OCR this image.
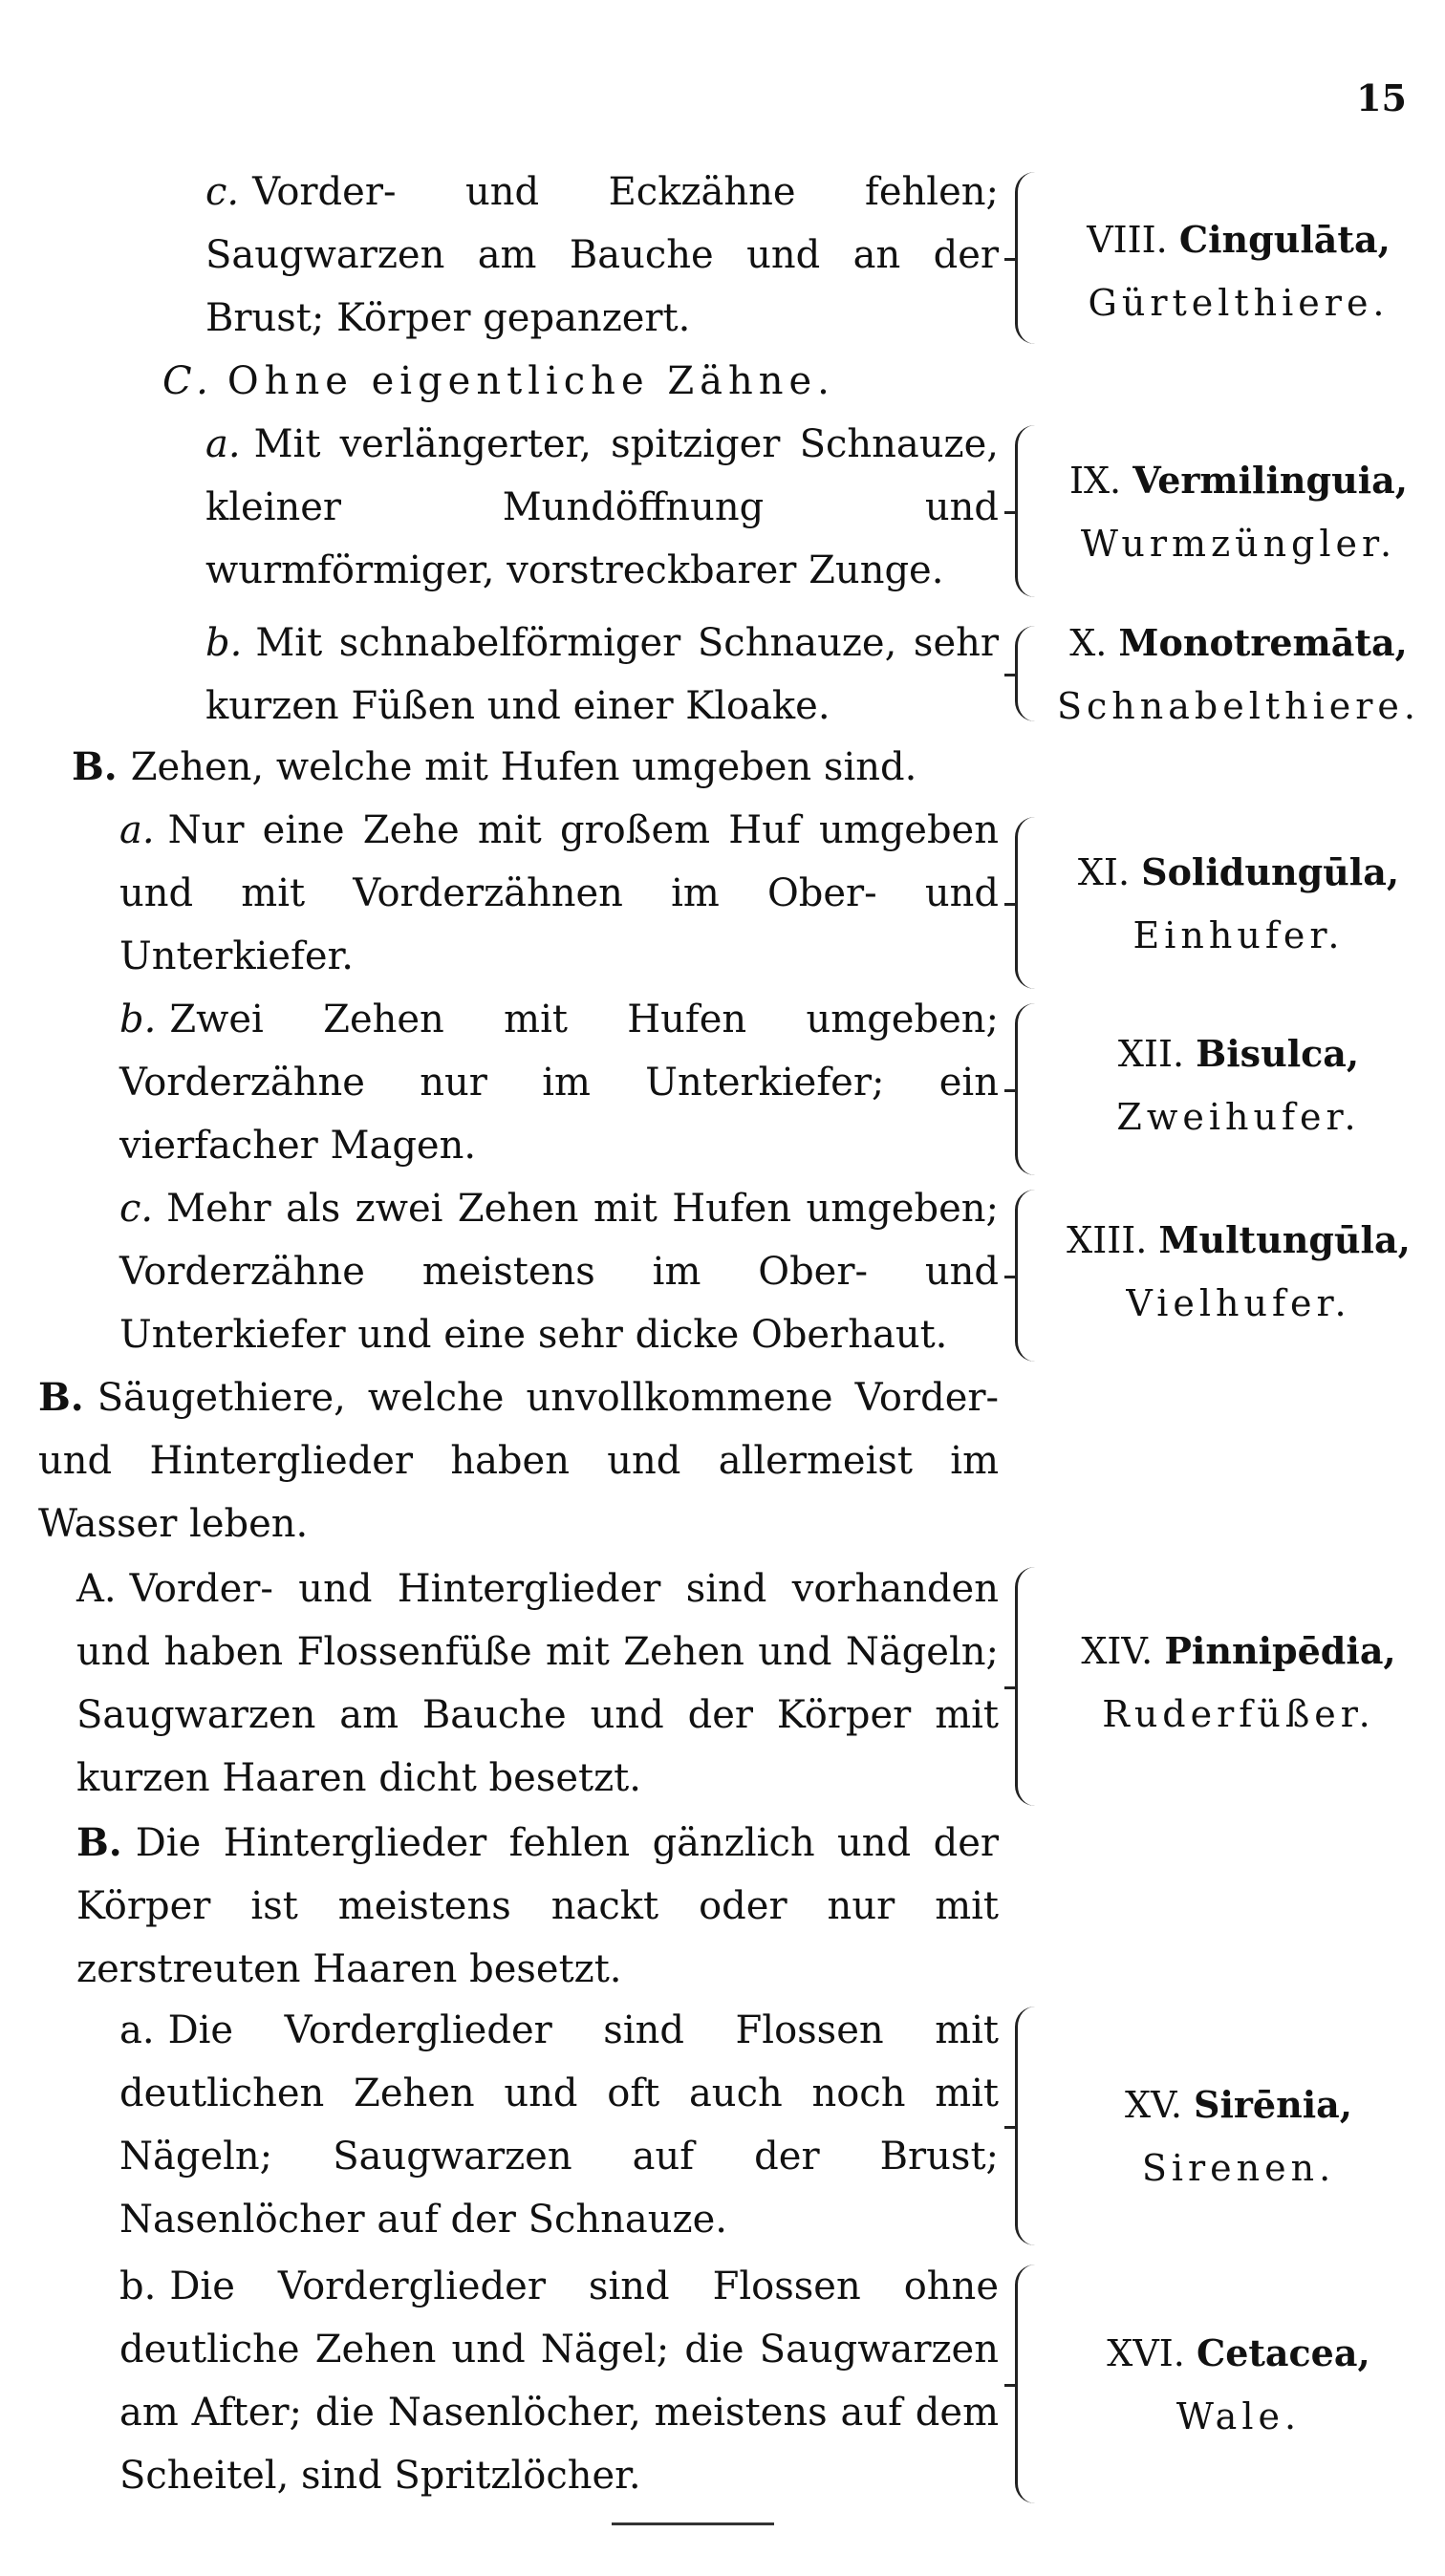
15
c. Vorder- und Eckzähne fehlen; Saugwarzen am Bauche und an der Brust; Körper gepanzert.
VIII. Cingulāta,
Gürtelthiere.
C. Ohne eigentliche Zähne.
a. Mit verlängerter, spitziger Schnauze, kleiner Mundöffnung und wurmförmiger, vorstreckbarer Zunge.
IX. Vermilinguia,
Wurmzüngler.
b. Mit schnabelförmiger Schnauze, sehr kurzen Füßen und einer Kloake.
X. Monotremāta,
Schnabelthiere.
B. Zehen, welche mit Hufen umgeben sind.
a. Nur eine Zehe mit großem Huf umgeben und mit Vorderzähnen im Ober- und Unterkiefer.
XI. Solidungūla,
Einhufer.
b. Zwei Zehen mit Hufen umgeben; Vorderzähne nur im Unterkiefer; ein vierfacher Magen.
XII. Bisulca,
Zweihufer.
c. Mehr als zwei Zehen mit Hufen umgeben; Vorderzähne meistens im Ober- und Unterkiefer und eine sehr dicke Oberhaut.
XIII. Multungūla,
Vielhufer.
B. Säugethiere, welche unvollkommene Vorder- und Hinterglieder haben und allermeist im Wasser leben.
A. Vorder- und Hinterglieder sind vorhanden und haben Flossenfüße mit Zehen und Nägeln; Saugwarzen am Bauche und der Körper mit kurzen Haaren dicht besetzt.
XIV. Pinnipēdia,
Ruderfüßer.
B. Die Hinterglieder fehlen gänzlich und der Körper ist meistens nackt oder nur mit zerstreuten Haaren besetzt.
a. Die Vorderglieder sind Flossen mit deutlichen Zehen und oft auch noch mit Nägeln; Saugwarzen auf der Brust; Nasenlöcher auf der Schnauze.
XV. Sirēnia,
Sirenen.
b. Die Vorderglieder sind Flossen ohne deutliche Zehen und Nägel; die Saugwarzen am After; die Nasenlöcher, meistens auf dem Scheitel, sind Spritzlöcher.
XVI. Cetacea,
Wale.
